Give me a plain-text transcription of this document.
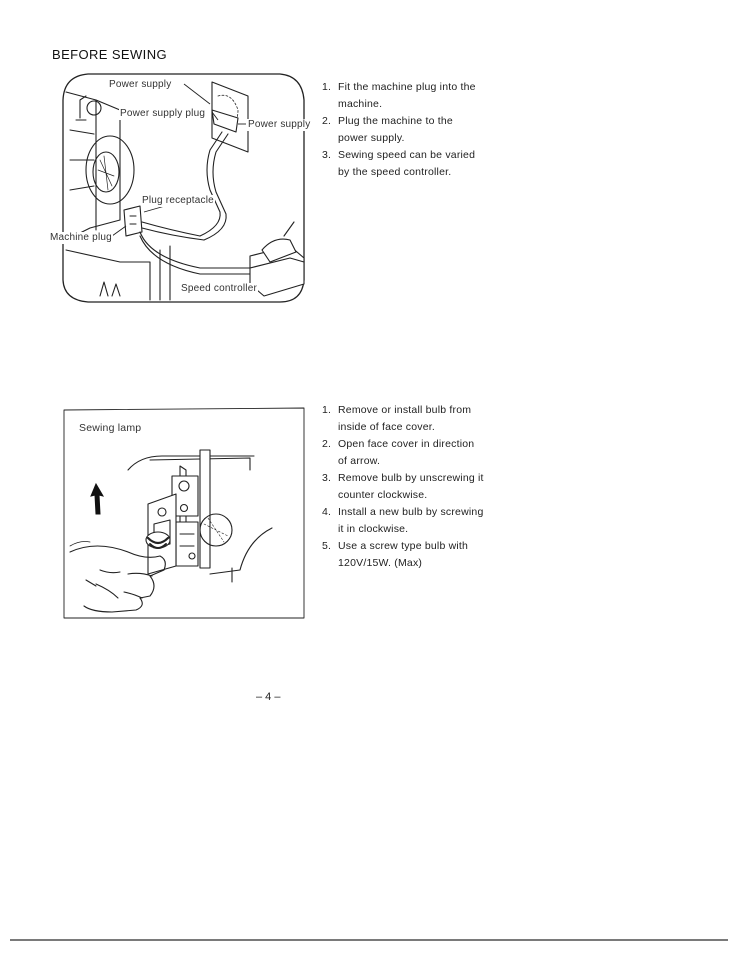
BEFORE SEWING
Power supply
Power supply plug
Power supply
Plug receptacle
Machine plug
Speed controller
1. Fit the machine plug into the machine.
2. Plug the machine to the power supply.
3. Sewing speed can be varied by the speed controller.
Sewing lamp
1. Remove or install bulb from inside of face cover.
2. Open face cover in direction of arrow.
3. Remove bulb by unscrewing it counter clockwise.
4. Install a new bulb by screwing it in clockwise.
5. Use a screw type bulb with 120V/15W. (Max)
– 4 –
